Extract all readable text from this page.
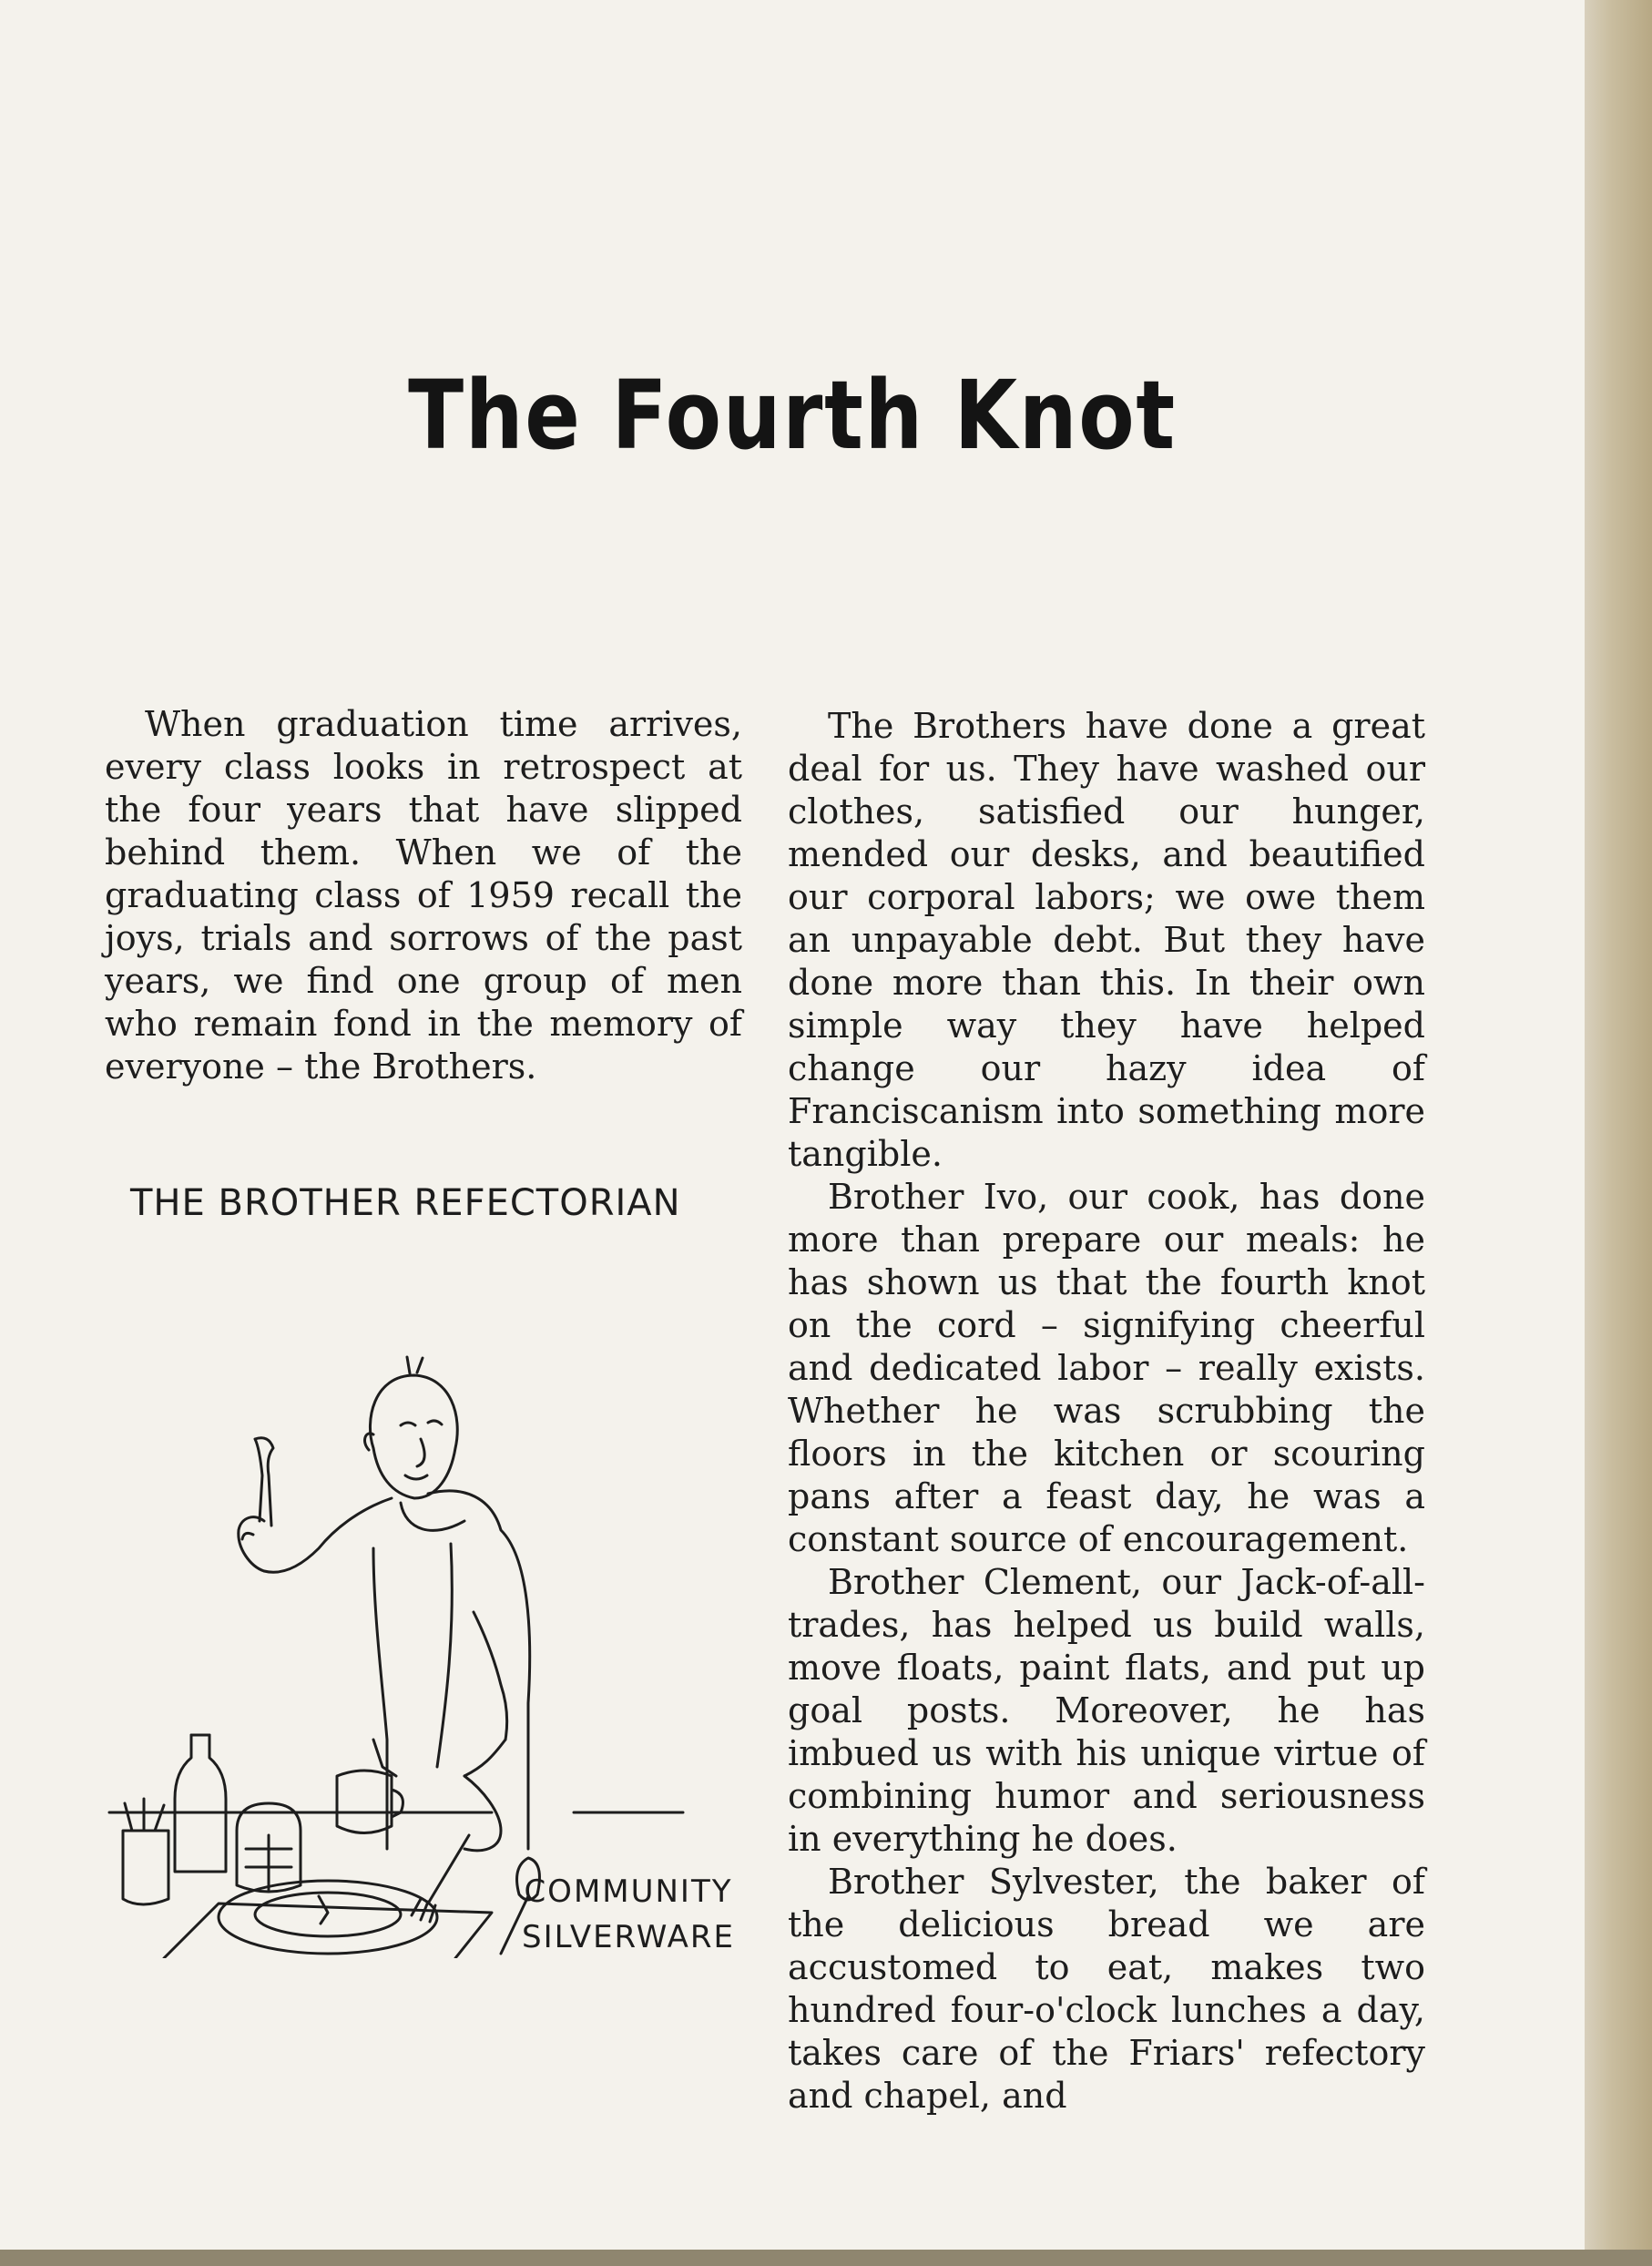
The Fourth Knot

When graduation time arrives, every class looks in retrospect at the four years that have slipped behind them. When we of the graduating class of 1959 recall the joys, trials and sorrows of the past years, we find one group of men who remain fond in the memory of everyone – the Brothers.

THE BROTHER REFECTORIAN
COMMUNITY
SILVERWARE

The Brothers have done a great deal for us. They have washed our clothes, satisfied our hunger, mended our desks, and beautified our corporal labors; we owe them an unpayable debt. But they have done more than this. In their own simple way they have helped change our hazy idea of Franciscanism into something more tangible.

Brother Ivo, our cook, has done more than prepare our meals: he has shown us that the fourth knot on the cord – signifying cheerful and dedicated labor – really exists. Whether he was scrubbing the floors in the kitchen or scouring pans after a feast day, he was a constant source of encouragement.

Brother Clement, our Jack-of-all-trades, has helped us build walls, move floats, paint flats, and put up goal posts. Moreover, he has imbued us with his unique virtue of combining humor and seriousness in everything he does.

Brother Sylvester, the baker of the delicious bread we are accustomed to eat, makes two hundred four-o'clock lunches a day, takes care of the Friars' refectory and chapel, and
